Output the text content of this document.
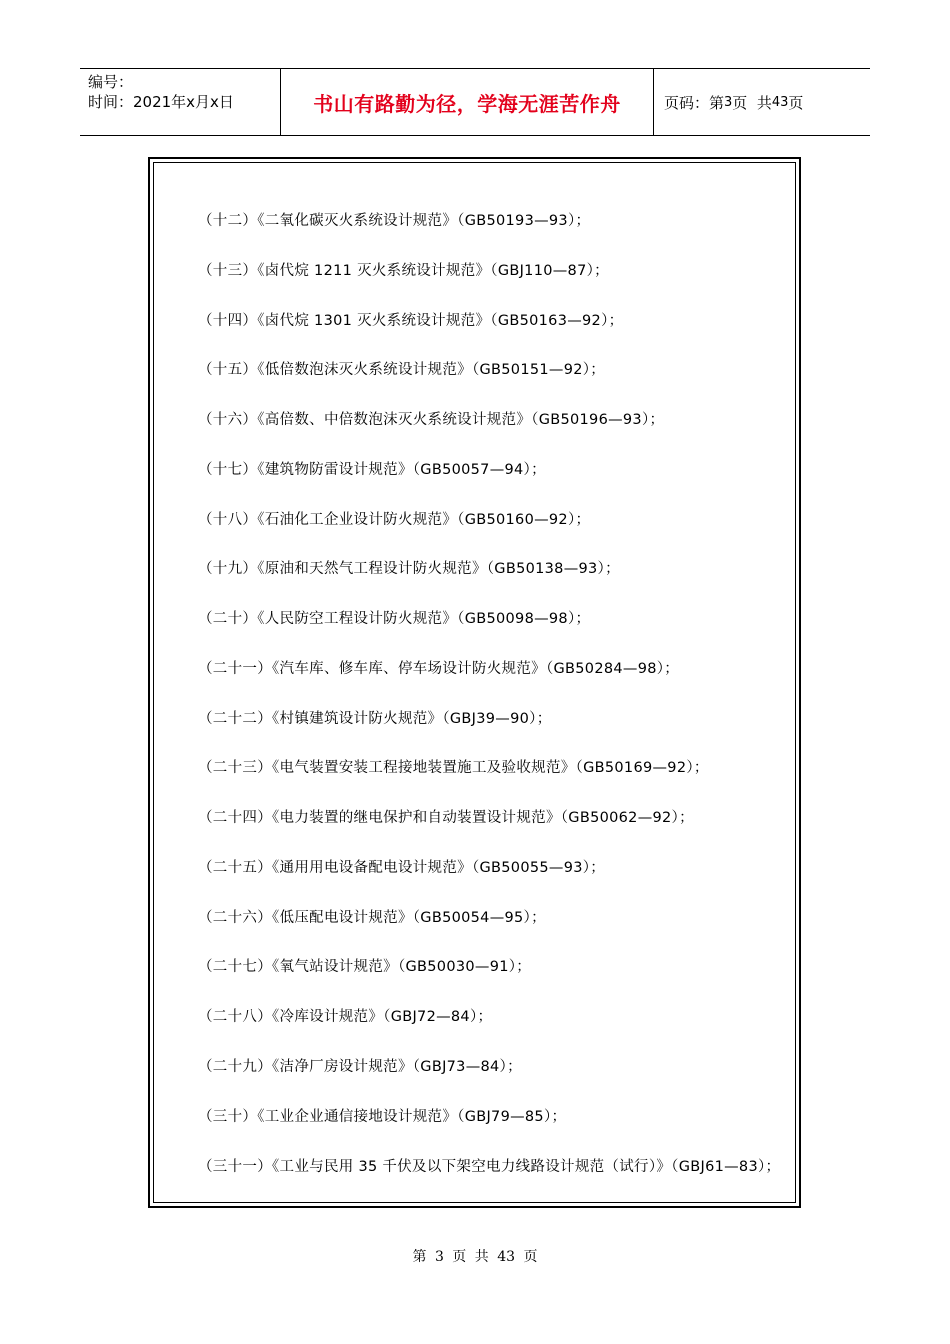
编号：
时间：2021年x月x日	书山有路勤为径，学海无涯苦作舟	页码：第 3 页  共 43 页
（十二）《二氧化碳灭火系统设计规范》（GB50193—93）；
（十三）《卤代烷 1211 灭火系统设计规范》（GBJ110—87）；
（十四）《卤代烷 1301 灭火系统设计规范》（GB50163—92）；
（十五）《低倍数泡沫灭火系统设计规范》（GB50151—92）；
（十六）《高倍数、中倍数泡沫灭火系统设计规范》（GB50196—93）；
（十七）《建筑物防雷设计规范》（GB50057—94）；
（十八）《石油化工企业设计防火规范》（GB50160—92）；
（十九）《原油和天然气工程设计防火规范》（GB50138—93）；
（二十）《人民防空工程设计防火规范》（GB50098—98）；
（二十一）《汽车库、修车库、停车场设计防火规范》（GB50284—98）；
（二十二）《村镇建筑设计防火规范》（GBJ39—90）；
（二十三）《电气装置安装工程接地装置施工及验收规范》（GB50169—92）；
（二十四）《电力装置的继电保护和自动装置设计规范》（GB50062—92）；
（二十五）《通用用电设备配电设计规范》（GB50055—93）；
（二十六）《低压配电设计规范》（GB50054—95）；
（二十七）《氧气站设计规范》（GB50030—91）；
（二十八）《冷库设计规范》（GBJ72—84）；
（二十九）《洁净厂房设计规范》（GBJ73—84）；
（三十）《工业企业通信接地设计规范》（GBJ79—85）；
（三十一）《工业与民用 35 千伏及以下架空电力线路设计规范（试行）》（GBJ61—83）；
第 3 页 共 43 页
